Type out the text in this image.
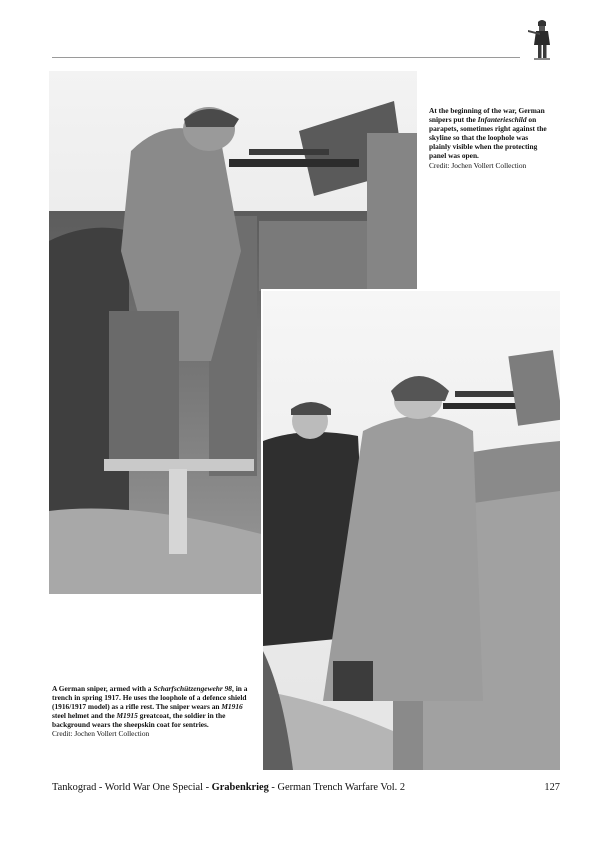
At the beginning of the war, German snipers put the Infanterieschild on parapets, sometimes right against the skyline so that the loophole was plainly visible when the protecting panel was open.

Credit: Jochen Vollert Collection

A German sniper, armed with a Scharfschützengewehr 98, in a trench in spring 1917. He uses the loophole of a defence shield (1916/1917 model) as a rifle rest. The sniper wears an M1916 steel helmet and the M1915 greatcoat, the soldier in the background wears the sheepskin coat for sentries.

Credit: Jochen Vollert Collection

Tankograd - World War One Special - Grabenkrieg - German Trench Warfare Vol. 2	127
